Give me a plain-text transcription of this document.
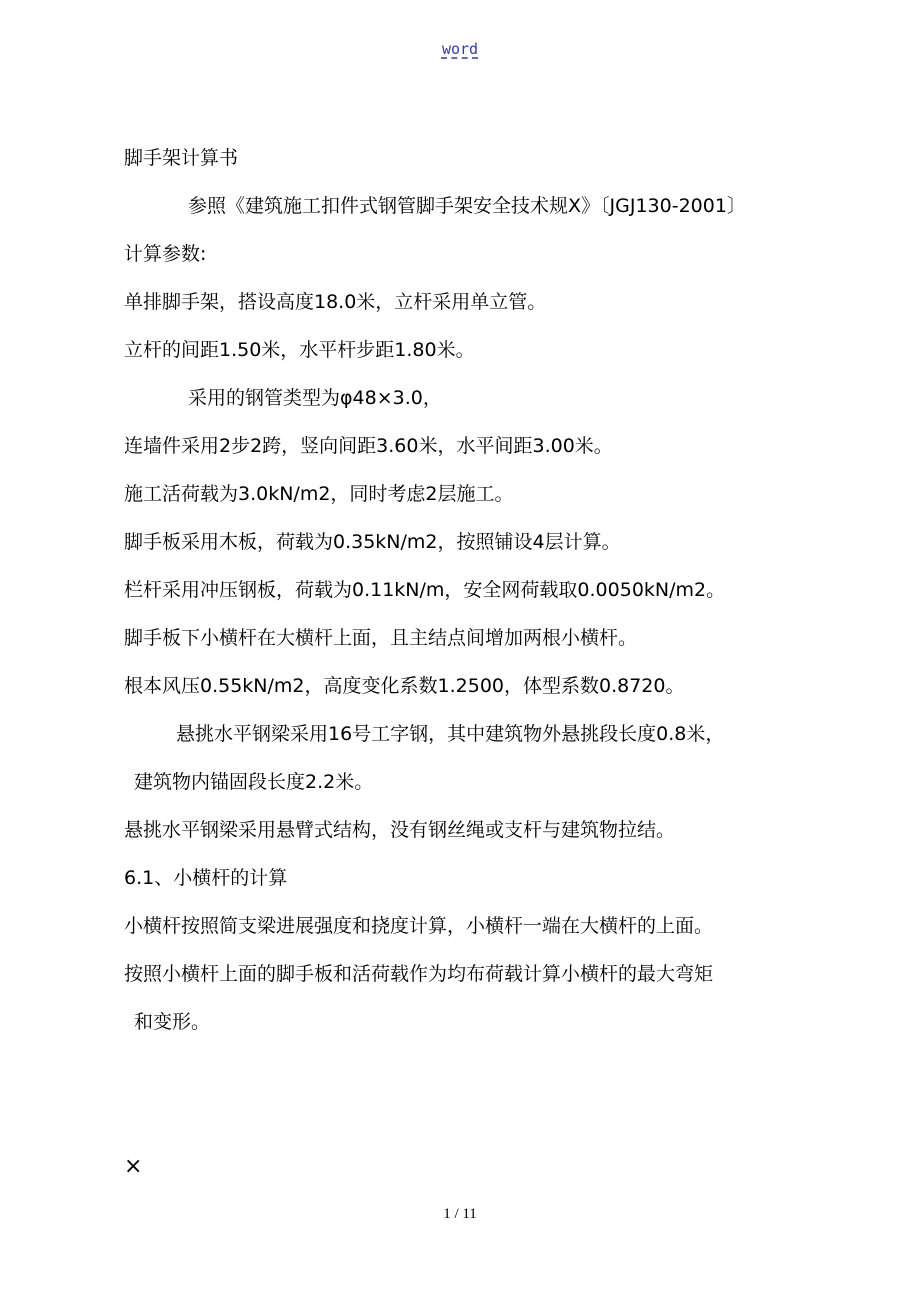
word
脚手架计算书
参照《建筑施工扣件式钢管脚手架安全技术规X》〔JGJ130-2001〕
计算参数:
单排脚手架，搭设高度18.0米，立杆采用单立管。
立杆的间距1.50米，水平杆步距1.80米。
采用的钢管类型为φ48×3.0，
连墙件采用2步2跨，竖向间距3.60米，水平间距3.00米。
施工活荷载为3.0kN/m2，同时考虑2层施工。
脚手板采用木板，荷载为0.35kN/m2，按照铺设4层计算。
栏杆采用冲压钢板，荷载为0.11kN/m，安全网荷载取0.0050kN/m2。
脚手板下小横杆在大横杆上面，且主结点间增加两根小横杆。
根本风压0.55kN/m2，高度变化系数1.2500，体型系数0.8720。
悬挑水平钢梁采用16号工字钢，其中建筑物外悬挑段长度0.8米，
建筑物内锚固段长度2.2米。
悬挑水平钢梁采用悬臂式结构，没有钢丝绳或支杆与建筑物拉结。
6.1、小横杆的计算
小横杆按照简支梁进展强度和挠度计算，小横杆一端在大横杆的上面。
按照小横杆上面的脚手板和活荷载作为均布荷载计算小横杆的最大弯矩
和变形。
×
1 / 11
